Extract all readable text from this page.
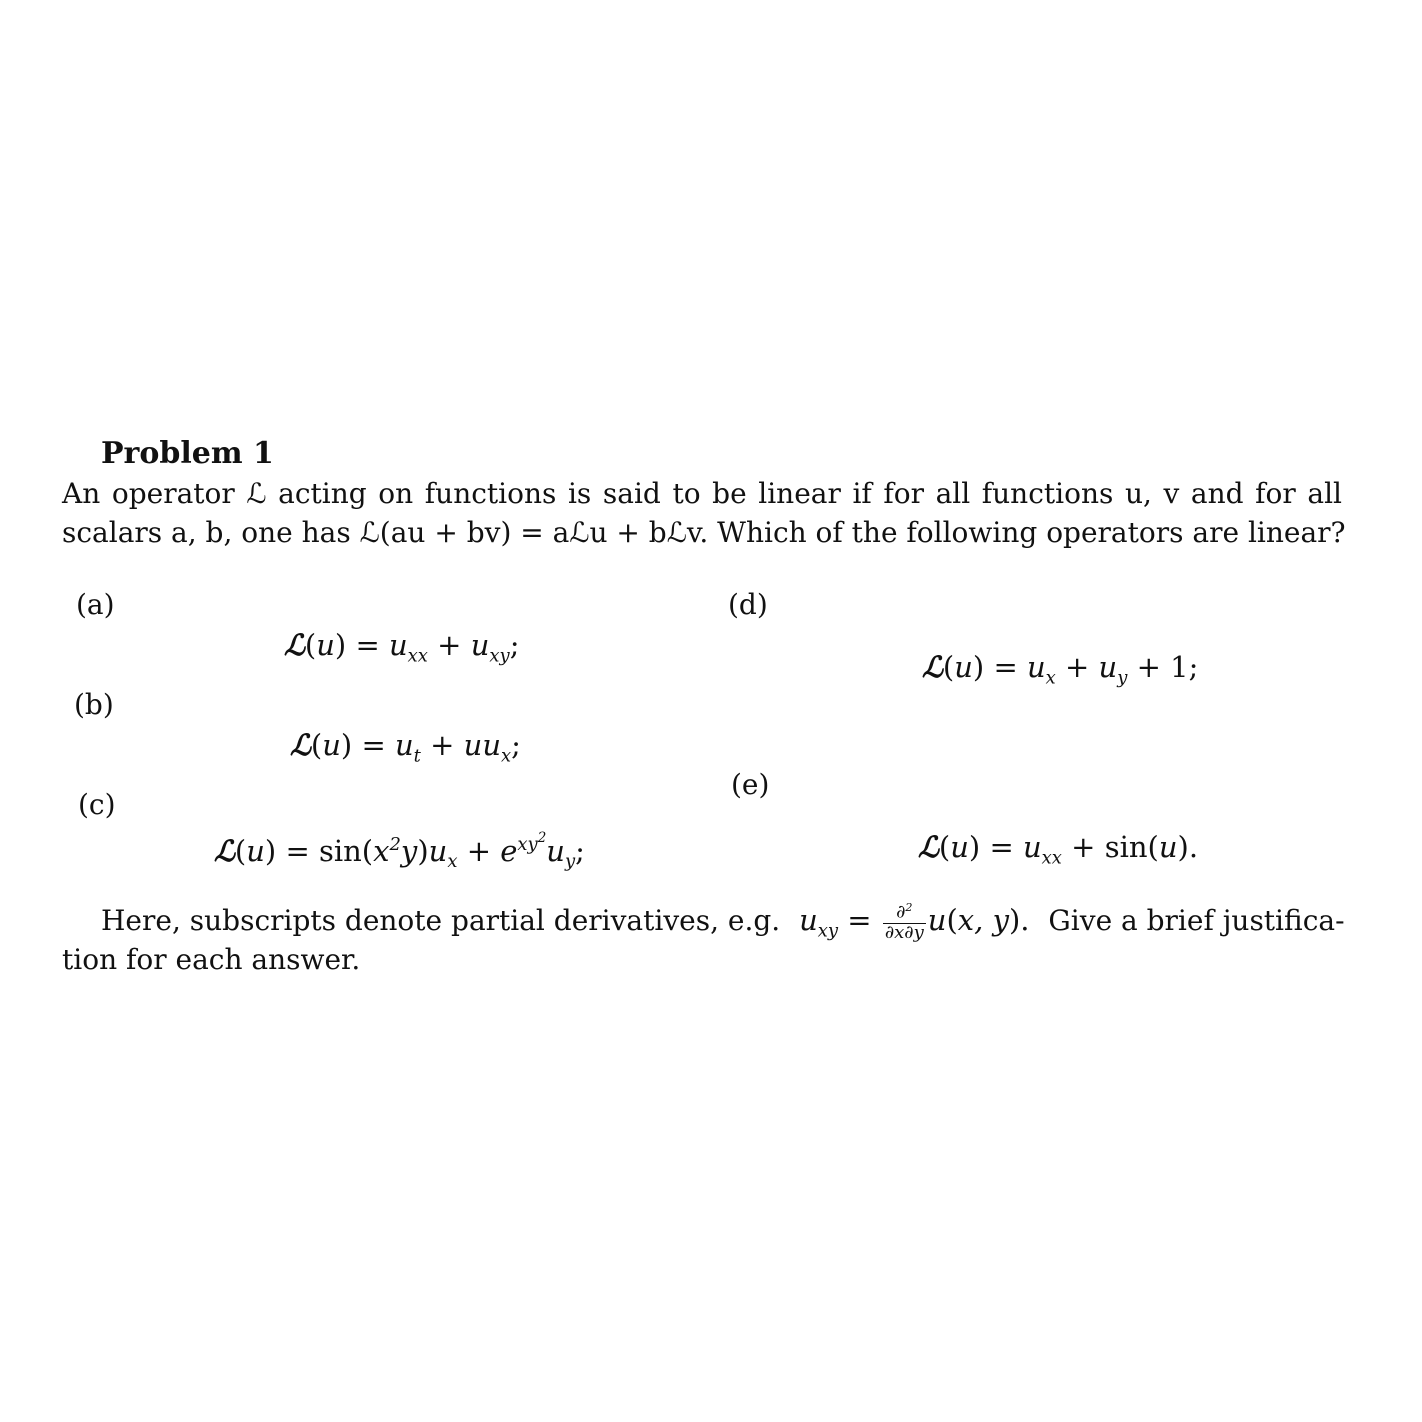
Problem 1
An operator ℒ acting on functions is said to be linear if for all functions u, v and for all
scalars a, b, one has ℒ(au + bv) = aℒu + bℒv. Which of the following operators are linear?
(a)
ℒ(u) = $u_{xx} + u_{xy}$;
(b)
ℒ(u) = $u_t + uu_x$;
(c)
ℒ(u) = $\sin(x^2y)u_x + e^{xy^2}u_y$;
(d)
ℒ(u) = $u_x + u_y + 1$;
(e)
ℒ(u) = $u_{xx} + \sin(u)$.
Here, subscripts denote partial derivatives, e.g. $u_{xy} = \frac{\partial^2}{\partial x\partial y} u(x$, y). Give a brief justifica-
tion for each answer.
